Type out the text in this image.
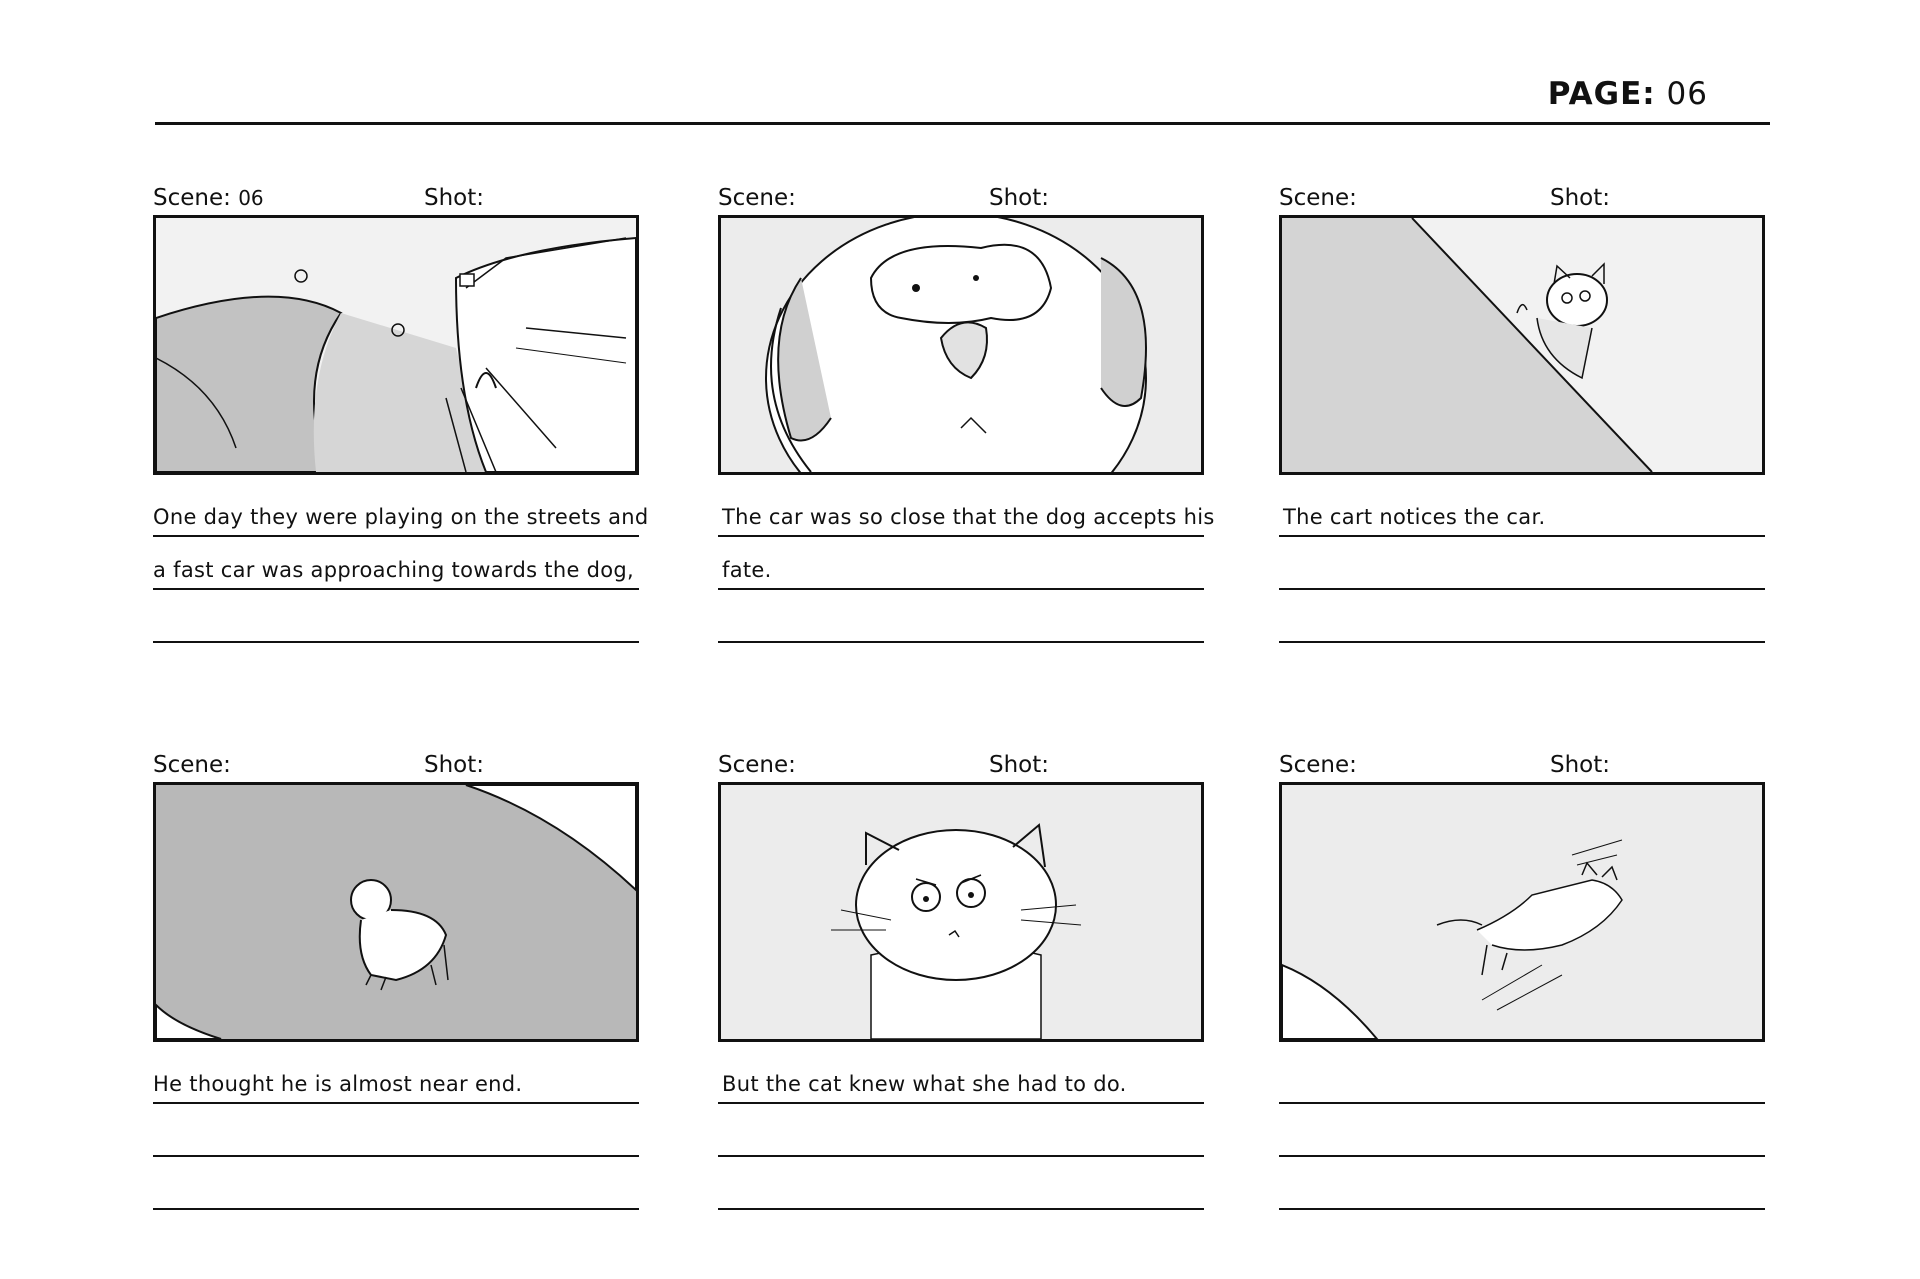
PAGE: 06
Scene: 06	Shot:
One day they were playing on the streets and
a fast car was approaching towards the dog,
Scene:	Shot:
The car was so close that the dog accepts his
fate.
Scene:	Shot:
The cart notices the car.
Scene:	Shot:
He thought he is almost near end.
Scene:	Shot:
But the cat knew what she had to do.
Scene:	Shot:
